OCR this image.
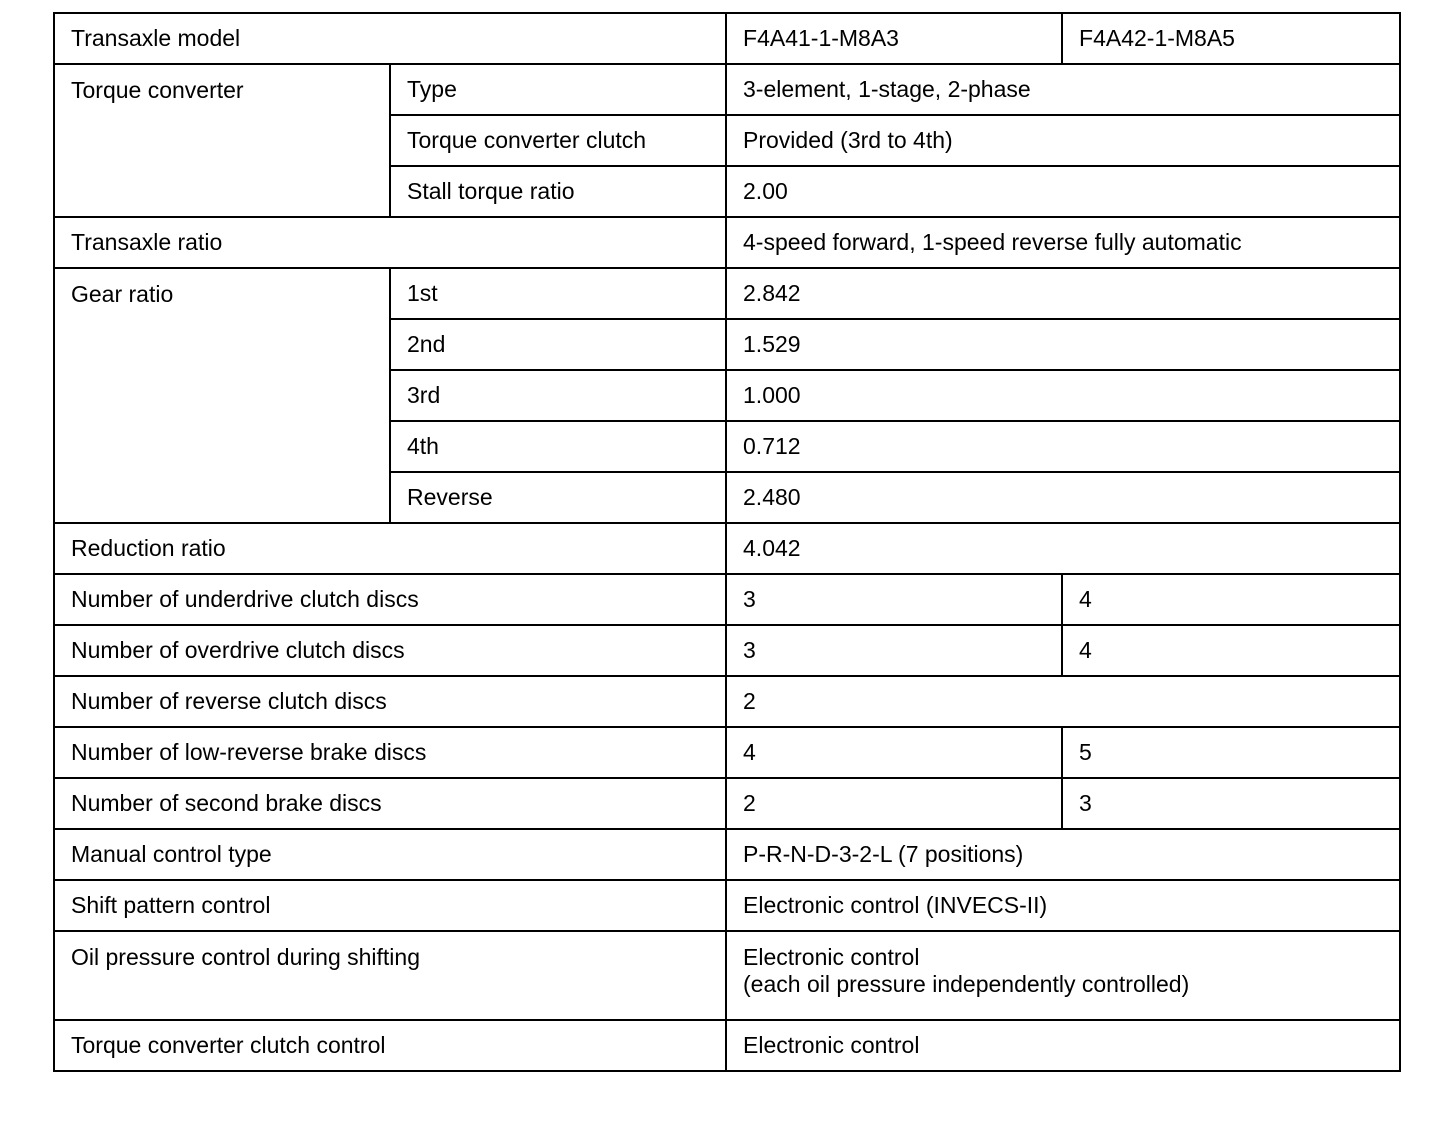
Transaxle model		F4A41-1-M8A3	F4A42-1-M8A5
Torque converter	Type	3-element, 1-stage, 2-phase	
	Torque converter clutch	Provided (3rd to 4th)	
	Stall torque ratio	2.00	
Transaxle ratio		4-speed forward, 1-speed reverse fully automatic	
Gear ratio	1st	2.842	
	2nd	1.529	
	3rd	1.000	
	4th	0.712	
	Reverse	2.480	
Reduction ratio		4.042	
Number of underdrive clutch discs		3	4
Number of overdrive clutch discs		3	4
Number of reverse clutch discs		2	
Number of low-reverse brake discs		4	5
Number of second brake discs		2	3
Manual control type		P-R-N-D-3-2-L (7 positions)	
Shift pattern control		Electronic control (INVECS-II)	
Oil pressure control during shifting		Electronic control
(each oil pressure independently controlled)	

Torque converter clutch control		Electronic control	
